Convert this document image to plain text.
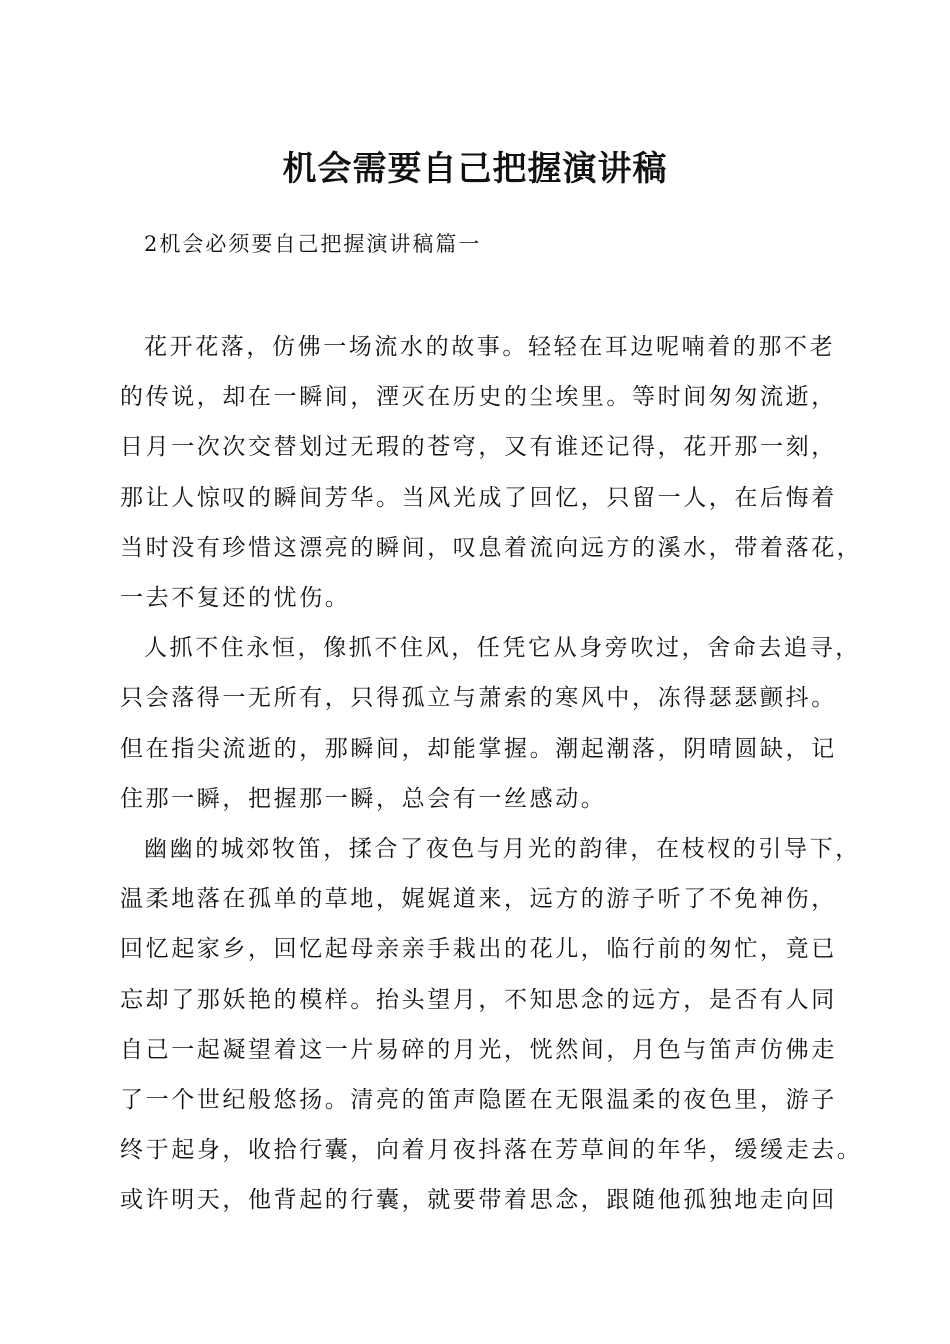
机会需要自己把握演讲稿

2机会必须要自己把握演讲稿篇一

花开花落，仿佛一场流水的故事。轻轻在耳边呢喃着的那不老
的传说，却在一瞬间，湮灭在历史的尘埃里。等时间匆匆流逝，
日月一次次交替划过无瑕的苍穹，又有谁还记得，花开那一刻，
那让人惊叹的瞬间芳华。当风光成了回忆，只留一人，在后悔着
当时没有珍惜这漂亮的瞬间，叹息着流向远方的溪水，带着落花，
一去不复还的忧伤。

人抓不住永恒，像抓不住风，任凭它从身旁吹过，舍命去追寻，
只会落得一无所有，只得孤立与萧索的寒风中，冻得瑟瑟颤抖。
但在指尖流逝的，那瞬间，却能掌握。潮起潮落，阴晴圆缺，记
住那一瞬，把握那一瞬，总会有一丝感动。

幽幽的城郊牧笛，揉合了夜色与月光的韵律，在枝杈的引导下，
温柔地落在孤单的草地，娓娓道来，远方的游子听了不免神伤，
回忆起家乡，回忆起母亲亲手栽出的花儿，临行前的匆忙，竟已
忘却了那妖艳的模样。抬头望月，不知思念的远方，是否有人同
自己一起凝望着这一片易碎的月光，恍然间，月色与笛声仿佛走
了一个世纪般悠扬。清亮的笛声隐匿在无限温柔的夜色里，游子
终于起身，收拾行囊，向着月夜抖落在芳草间的年华，缓缓走去。
或许明天，他背起的行囊，就要带着思念，跟随他孤独地走向回
